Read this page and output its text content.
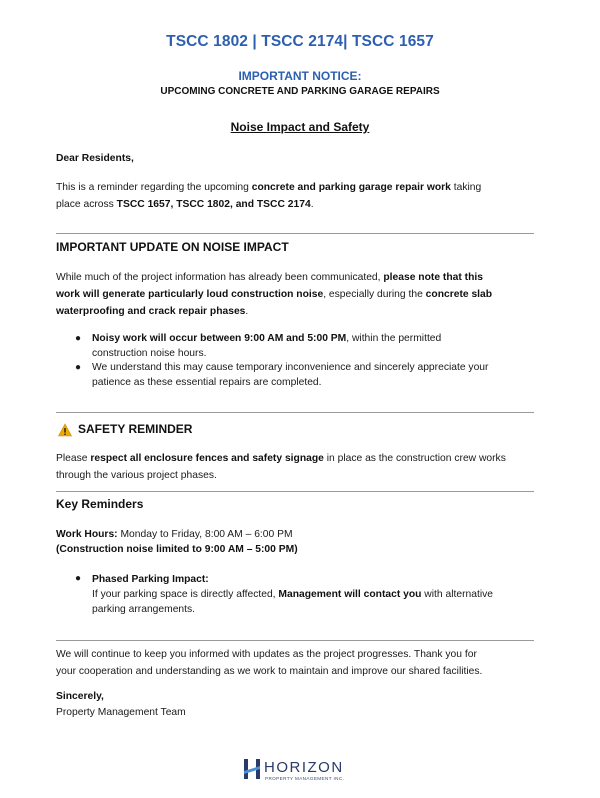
TSCC 1802 | TSCC 2174| TSCC 1657
IMPORTANT NOTICE:
UPCOMING CONCRETE AND PARKING GARAGE REPAIRS
Noise Impact and Safety
Dear Residents,
This is a reminder regarding the upcoming concrete and parking garage repair work taking
place across TSCC 1657, TSCC 1802, and TSCC 2174.
IMPORTANT UPDATE ON NOISE IMPACT
While much of the project information has already been communicated, please note that this
work will generate particularly loud construction noise, especially during the concrete slab
waterproofing and crack repair phases.
● Noisy work will occur between 9:00 AM and 5:00 PM, within the permitted
construction noise hours.
● We understand this may cause temporary inconvenience and sincerely appreciate your
patience as these essential repairs are completed.
SAFETY REMINDER
Please respect all enclosure fences and safety signage in place as the construction crew works
through the various project phases.
Key Reminders
Work Hours: Monday to Friday, 8:00 AM – 6:00 PM
(Construction noise limited to 9:00 AM – 5:00 PM)
● Phased Parking Impact:
If your parking space is directly affected, Management will contact you with alternative
parking arrangements.
We will continue to keep you informed with updates as the project progresses. Thank you for
your cooperation and understanding as we work to maintain and improve our shared facilities.
Sincerely,
Property Management Team
HORIZON
PROPERTY MANAGEMENT INC.
